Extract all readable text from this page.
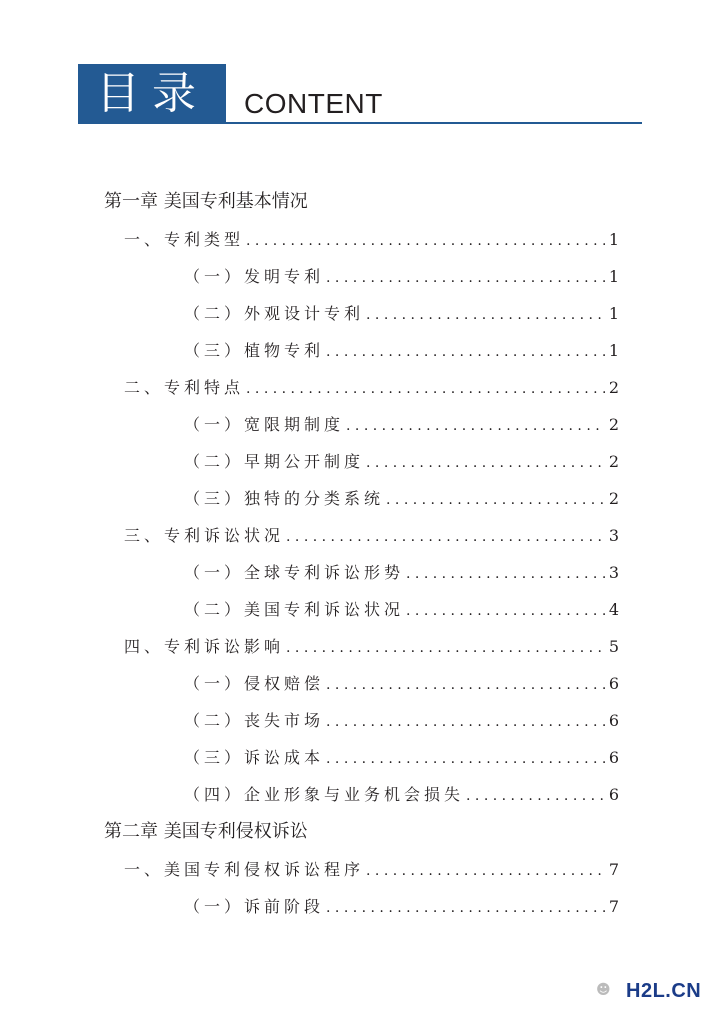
目录	CONTENT
第一章 美国专利基本情况
一、专利类型 . . .	1
（一）发明专利 . . .	1
（二）外观设计专利 . . .	1
（三）植物专利 . . .	1
二、专利特点 . . .	2
（一）宽限期制度 . . .	2
（二）早期公开制度 . . .	2
（三）独特的分类系统 . . .	2
三、专利诉讼状况 . . .	3
（一）全球专利诉讼形势 . . .	3
（二）美国专利诉讼状况 . . .	4
四、专利诉讼影响 . . .	5
（一）侵权赔偿 . . .	6
（二）丧失市场 . . .	6
（三）诉讼成本 . . .	6
（四）企业形象与业务机会损失 . . .	6
第二章 美国专利侵权诉讼
一、美国专利侵权诉讼程序 . . .	7
（一）诉前阶段 . . .	7
☻ H2L.CN
